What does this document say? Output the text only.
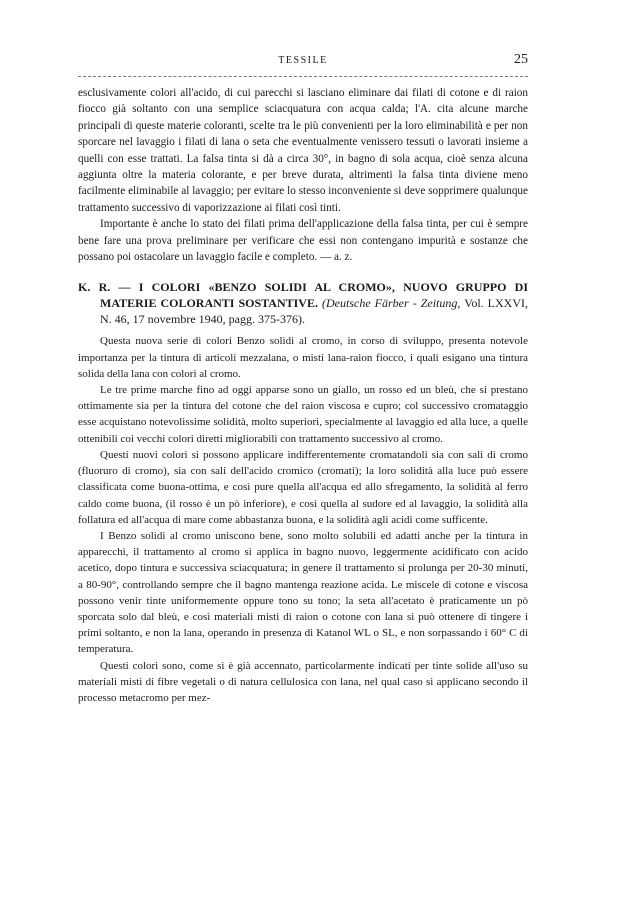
TESSILE	25

esclusivamente colori all'acido, di cui parecchi si lasciano eliminare dai filati di cotone e di raion fiocco già soltanto con una semplice sciacquatura con acqua calda; l'A. cita alcune marche principali di queste materie coloranti, scelte tra le più convenienti per la loro eliminabilità e per non sporcare nel lavaggio i filati di lana o seta che eventualmente venissero tessuti o lavorati insieme a quelli con esse trattati. La falsa tinta si dà a circa 30°, in bagno di sola acqua, cioè senza alcuna aggiunta oltre la materia colorante, e per breve durata, altrimenti la falsa tinta diviene meno facilmente eliminabile al lavaggio; per evitare lo stesso inconveniente si deve sopprimere qualunque trattamento successivo di vaporizzazione ai filati così tinti.

Importante è anche lo stato dei filati prima dell'applicazione della falsa tinta, per cui è sempre bene fare una prova preliminare per verificare che essi non contengano impurità e sostanze che possano poi ostacolare un lavaggio facile e completo. — a. z.

K. R. — I COLORI «BENZO SOLIDI AL CROMO», NUOVO GRUPPO DI MATERIE COLORANTI SOSTANTIVE. (Deutsche Färber - Zeitung, Vol. LXXVI, N. 46, 17 novembre 1940, pagg. 375-376).

Questa nuova serie di colori Benzo solidi al cromo, in corso di sviluppo, presenta notevole importanza per la tintura di articoli mezzalana, o misti lana-raion fiocco, i quali esigano una tintura solida della lana con colori al cromo.

Le tre prime marche fino ad oggi apparse sono un giallo, un rosso ed un bleù, che si prestano ottimamente sia per la tintura del cotone che del raion viscosa e cupro; col successivo cromataggio esse acquistano notevolissime solidità, molto superiori, specialmente al lavaggio ed alla luce, a quelle ottenibili coi vecchi colori diretti migliorabili con trattamento successivo al cromo.

Questi nuovi colori si possono applicare indifferentemente cromatandoli sia con sali di cromo (fluoruro di cromo), sia con sali dell'acido cromico (cromati); la loro solidità alla luce può essere classificata come buona-ottima, e così pure quella all'acqua ed allo sfregamento, la solidità al ferro caldo come buona, (il rosso è un pò inferiore), e così quella al sudore ed al lavaggio, la solidità alla follatura ed all'acqua di mare come abbastanza buona, e la solidità agli acidi come sufficente.

I Benzo solidi al cromo uniscono bene, sono molto solubili ed adatti anche per la tintura in apparecchi, il trattamento al cromo si applica in bagno nuovo, leggermente acidificato con acido acetico, dopo tintura e successiva sciacquatura; in genere il trattamento si prolunga per 20-30 minuti, a 80-90°, controllando sempre che il bagno mantenga reazione acida. Le miscele di cotone e viscosa possono venir tinte uniformemente oppure tono su tono; la seta all'acetato è praticamente un pò sporcata solo dal bleù, e così materiali misti di raion o cotone con lana si può ottenere di tingere i primi soltanto, e non la lana, operando in presenza di Katanol WL o SL, e non sorpassando i 60° C di temperatura.

Questi colori sono, come si è già accennato, particolarmente indicati per tinte solide all'uso su materiali misti di fibre vegetali o di natura cellulosica con lana, nel qual caso si applicano secondo il processo metacromo per mez-
